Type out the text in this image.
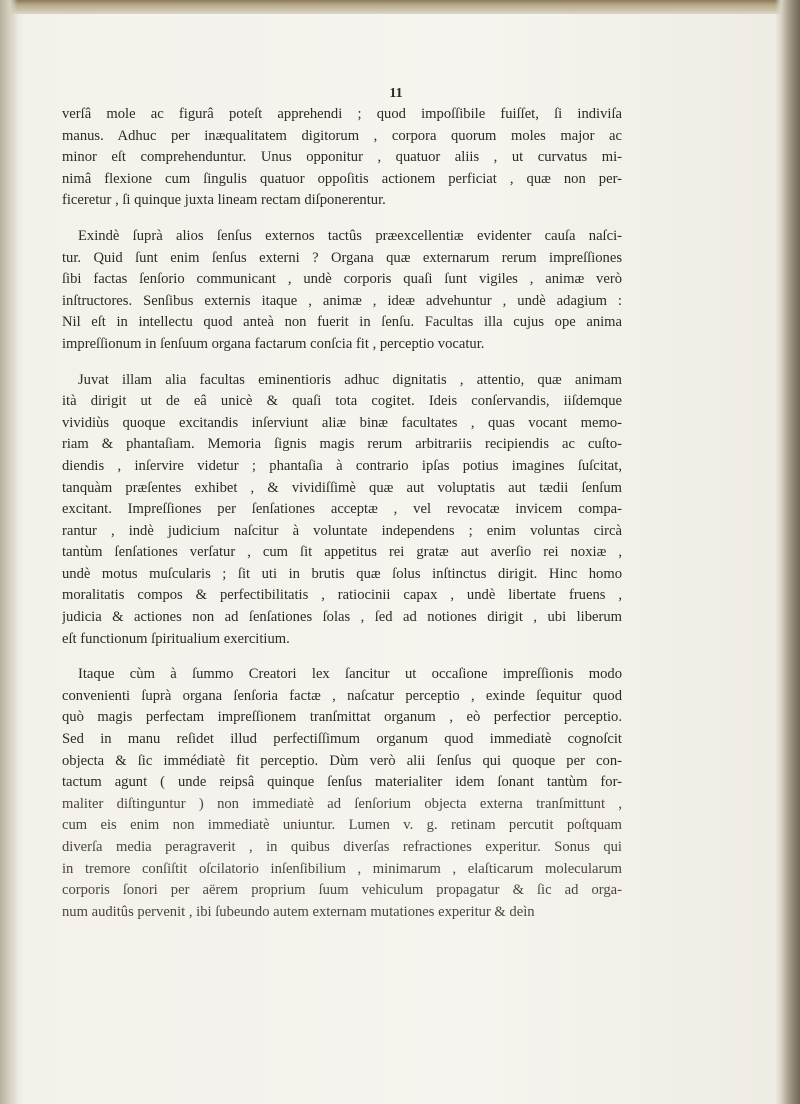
11
verſâ mole ac figurâ poteſt apprehendi ; quod impoſſibile fuiſſet, ſi indiviſa
manus. Adhuc per inæqualitatem digitorum , corpora quorum moles major ac
minor eſt comprehenduntur. Unus opponitur , quatuor aliis , ut curvatus mi-
nimâ flexione cum ſingulis quatuor oppoſitis actionem perficiat , quæ non per-
ficeretur , ſi quinque juxta lineam rectam diſponerentur.
Exindè ſuprà alios ſenſus externos tactûs præexcellentiæ evidenter cauſa naſci-
tur. Quid ſunt enim ſenſus externi ? Organa quæ externarum rerum impreſſiones
ſibi factas ſenſorio communicant , undè corporis quaſi ſunt vigiles , animæ verò
inſtructores. Senſibus externis itaque , animæ , ideæ advehuntur , undè adagium :
Nil eſt in intellectu quod anteà non fuerit in ſenſu. Facultas illa cujus ope anima
impreſſionum in ſenſuum organa factarum conſcia fit , perceptio vocatur.
Juvat illam alia facultas eminentioris adhuc dignitatis , attentio, quæ animam
ità dirigit ut de eâ unicè & quaſi tota cogitet. Ideis conſervandis, iiſdemque
vividiùs quoque excitandis inſerviunt aliæ binæ facultates , quas vocant memo-
riam & phantaſiam. Memoria ſignis magis rerum arbitrariis recipiendis ac cuſto-
diendis , inſervire videtur ; phantaſia à contrario ipſas potius imagines ſuſcitat,
tanquàm præſentes exhibet , & vividiſſimè quæ aut voluptatis aut tædii ſenſum
excitant. Impreſſiones per ſenſationes acceptæ , vel revocatæ invicem compa-
rantur , indè judicium naſcitur à voluntate independens ; enim voluntas circà
tantùm ſenſationes verſatur , cum ſit appetitus rei gratæ aut averſio rei noxiæ ,
undè motus muſcularis ; ſit uti in brutis quæ ſolus inſtinctus dirigit. Hinc homo
moralitatis compos & perfectibilitatis , ratiocinii capax , undè libertate fruens ,
judicia & actiones non ad ſenſationes ſolas , ſed ad notiones dirigit , ubi liberum
eſt functionum ſpiritualium exercitium.
Itaque cùm à ſummo Creatori lex ſancitur ut occaſione impreſſionis modo
convenienti ſuprà organa ſenſoria factæ , naſcatur perceptio , exinde ſequitur quod
quò magis perfectam impreſſionem tranſmittat organum , eò perfectior perceptio.
Sed in manu reſidet illud perfectiſſimum organum quod immediatè cognoſcit
objecta & ſic immédiatè fit perceptio. Dùm verò alii ſenſus qui quoque per con-
tactum agunt ( unde reipsâ quinque ſenſus materialiter idem ſonant tantùm for-
maliter diſtinguntur ) non immediatè ad ſenſorium objecta externa tranſmittunt ,
cum eis enim non immediatè uniuntur. Lumen v. g. retinam percutit poſtquam
diverſa media peragraverit , in quibus diverſas refractiones experitur. Sonus qui
in tremore conſiſtit oſcilatorio inſenſibilium , minimarum , elaſticarum molecularum
corporis ſonori per aërem proprium ſuum vehiculum propagatur & ſic ad orga-
num auditûs pervenit , ibi ſubeundo autem externam mutationes experitur & deìn
